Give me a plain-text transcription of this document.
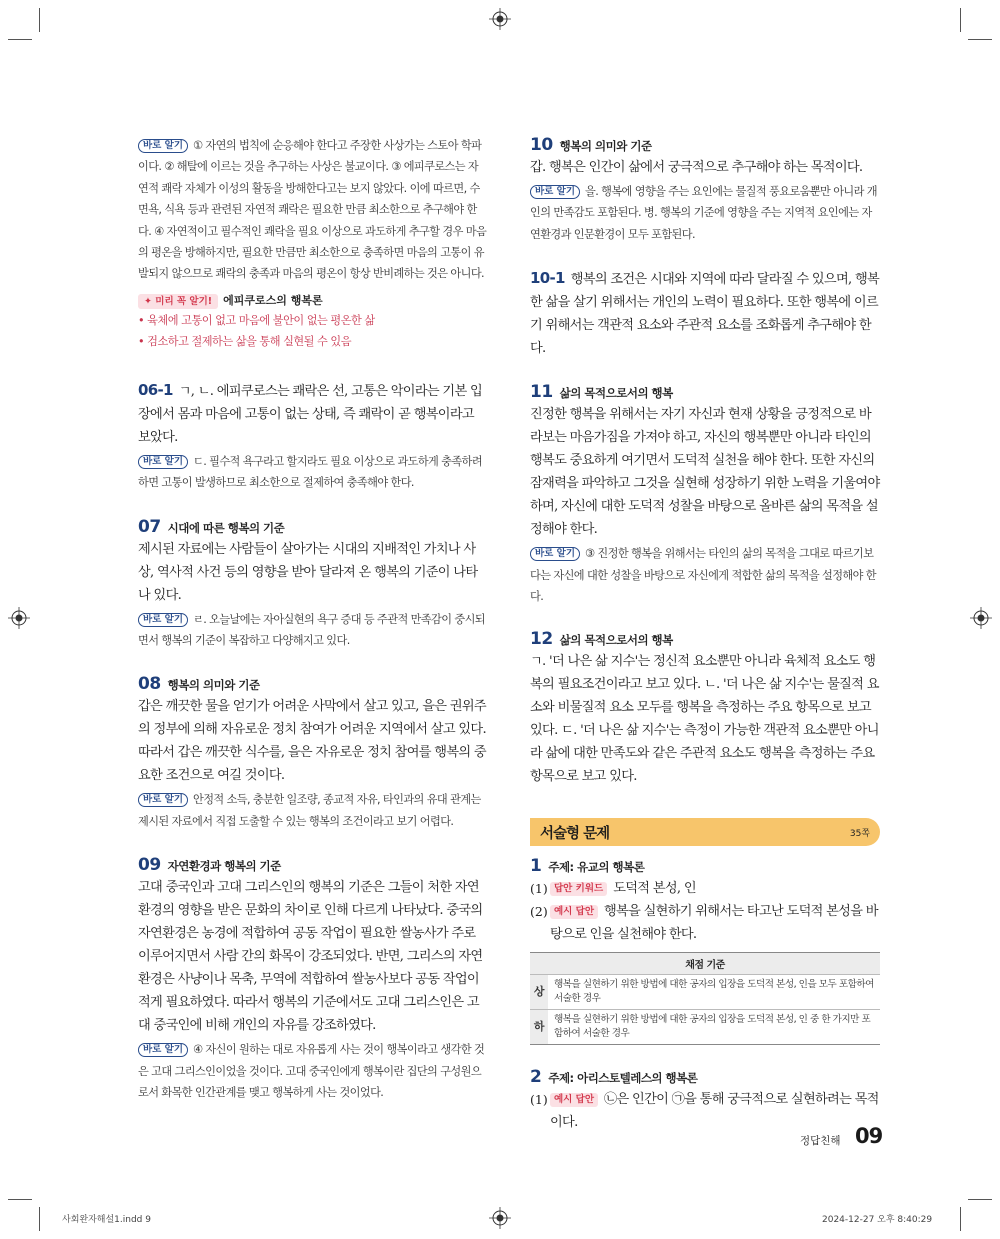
바로 알기 ① 자연의 법칙에 순응해야 한다고 주장한 사상가는 스토아 학파이다. ② 해탈에 이르는 것을 추구하는 사상은 불교이다. ③ 에피쿠로스는 자연적 쾌락 자체가 이성의 활동을 방해한다고는 보지 않았다. 이에 따르면, 수면욕, 식욕 등과 관련된 자연적 쾌락은 필요한 만큼 최소한으로 추구해야 한다. ④ 자연적이고 필수적인 쾌락을 필요 이상으로 과도하게 추구할 경우 마음의 평온을 방해하지만, 필요한 만큼만 최소한으로 충족하면 마음의 고통이 유발되지 않으므로 쾌락의 충족과 마음의 평온이 항상 반비례하는 것은 아니다.

✦ 미리 꼭 알기! 에피쿠로스의 행복론
• 육체에 고통이 없고 마음에 불안이 없는 평온한 삶
• 검소하고 절제하는 삶을 통해 실현될 수 있음

06-1 ㄱ, ㄴ. 에피쿠로스는 쾌락은 선, 고통은 악이라는 기본 입장에서 몸과 마음에 고통이 없는 상태, 즉 쾌락이 곧 행복이라고 보았다.

바로 알기 ㄷ. 필수적 욕구라고 할지라도 필요 이상으로 과도하게 충족하려 하면 고통이 발생하므로 최소한으로 절제하여 충족해야 한다.

07 시대에 따른 행복의 기준

제시된 자료에는 사람들이 살아가는 시대의 지배적인 가치나 사상, 역사적 사건 등의 영향을 받아 달라져 온 행복의 기준이 나타나 있다.

바로 알기 ㄹ. 오늘날에는 자아실현의 욕구 증대 등 주관적 만족감이 중시되면서 행복의 기준이 복잡하고 다양해지고 있다.

08 행복의 의미와 기준

갑은 깨끗한 물을 얻기가 어려운 사막에서 살고 있고, 을은 권위주의 정부에 의해 자유로운 정치 참여가 어려운 지역에서 살고 있다. 따라서 갑은 깨끗한 식수를, 을은 자유로운 정치 참여를 행복의 중요한 조건으로 여길 것이다.

바로 알기 안정적 소득, 충분한 일조량, 종교적 자유, 타인과의 유대 관계는 제시된 자료에서 직접 도출할 수 있는 행복의 조건이라고 보기 어렵다.

09 자연환경과 행복의 기준

고대 중국인과 고대 그리스인의 행복의 기준은 그들이 처한 자연환경의 영향을 받은 문화의 차이로 인해 다르게 나타났다. 중국의 자연환경은 농경에 적합하여 공동 작업이 필요한 쌀농사가 주로 이루어지면서 사람 간의 화목이 강조되었다. 반면, 그리스의 자연환경은 사냥이나 목축, 무역에 적합하여 쌀농사보다 공동 작업이 적게 필요하였다. 따라서 행복의 기준에서도 고대 그리스인은 고대 중국인에 비해 개인의 자유를 강조하였다.

바로 알기 ④ 자신이 원하는 대로 자유롭게 사는 것이 행복이라고 생각한 것은 고대 그리스인이었을 것이다. 고대 중국인에게 행복이란 집단의 구성원으로서 화목한 인간관계를 맺고 행복하게 사는 것이었다.

10 행복의 의미와 기준

갑. 행복은 인간이 삶에서 궁극적으로 추구해야 하는 목적이다.

바로 알기 을. 행복에 영향을 주는 요인에는 물질적 풍요로움뿐만 아니라 개인의 만족감도 포함된다. 병. 행복의 기준에 영향을 주는 지역적 요인에는 자연환경과 인문환경이 모두 포함된다.

10-1 행복의 조건은 시대와 지역에 따라 달라질 수 있으며, 행복한 삶을 살기 위해서는 개인의 노력이 필요하다. 또한 행복에 이르기 위해서는 객관적 요소와 주관적 요소를 조화롭게 추구해야 한다.

11 삶의 목적으로서의 행복

진정한 행복을 위해서는 자기 자신과 현재 상황을 긍정적으로 바라보는 마음가짐을 가져야 하고, 자신의 행복뿐만 아니라 타인의 행복도 중요하게 여기면서 도덕적 실천을 해야 한다. 또한 자신의 잠재력을 파악하고 그것을 실현해 성장하기 위한 노력을 기울여야 하며, 자신에 대한 도덕적 성찰을 바탕으로 올바른 삶의 목적을 설정해야 한다.

바로 알기 ③ 진정한 행복을 위해서는 타인의 삶의 목적을 그대로 따르기보다는 자신에 대한 성찰을 바탕으로 자신에게 적합한 삶의 목적을 설정해야 한다.

12 삶의 목적으로서의 행복

ㄱ. '더 나은 삶 지수'는 정신적 요소뿐만 아니라 육체적 요소도 행복의 필요조건이라고 보고 있다. ㄴ. '더 나은 삶 지수'는 물질적 요소와 비물질적 요소 모두를 행복을 측정하는 주요 항목으로 보고 있다. ㄷ. '더 나은 삶 지수'는 측정이 가능한 객관적 요소뿐만 아니라 삶에 대한 만족도와 같은 주관적 요소도 행복을 측정하는 주요 항목으로 보고 있다.

서술형 문제	35쪽
1 주제: 유교의 행복론
(1) 답안 키워드 도덕적 본성, 인

(2) 예시 답안 행복을 실현하기 위해서는 타고난 도덕적 본성을 바탕으로 인을 실천해야 한다.

채점 기준	
상	행복을 실현하기 위한 방법에 대한 공자의 입장을 도덕적 본성, 인을 모두 포함하여 서술한 경우
하	행복을 실현하기 위한 방법에 대한 공자의 입장을 도덕적 본성, 인 중 한 가지만 포함하여 서술한 경우
2 주제: 아리스토텔레스의 행복론
(1) 예시 답안 ㉡은 인간이 ㉠을 통해 궁극적으로 실현하려는 목적이다.

정답친해 09
사회완자해설1.indd 9	2024-12-27 오후 8:40:29
